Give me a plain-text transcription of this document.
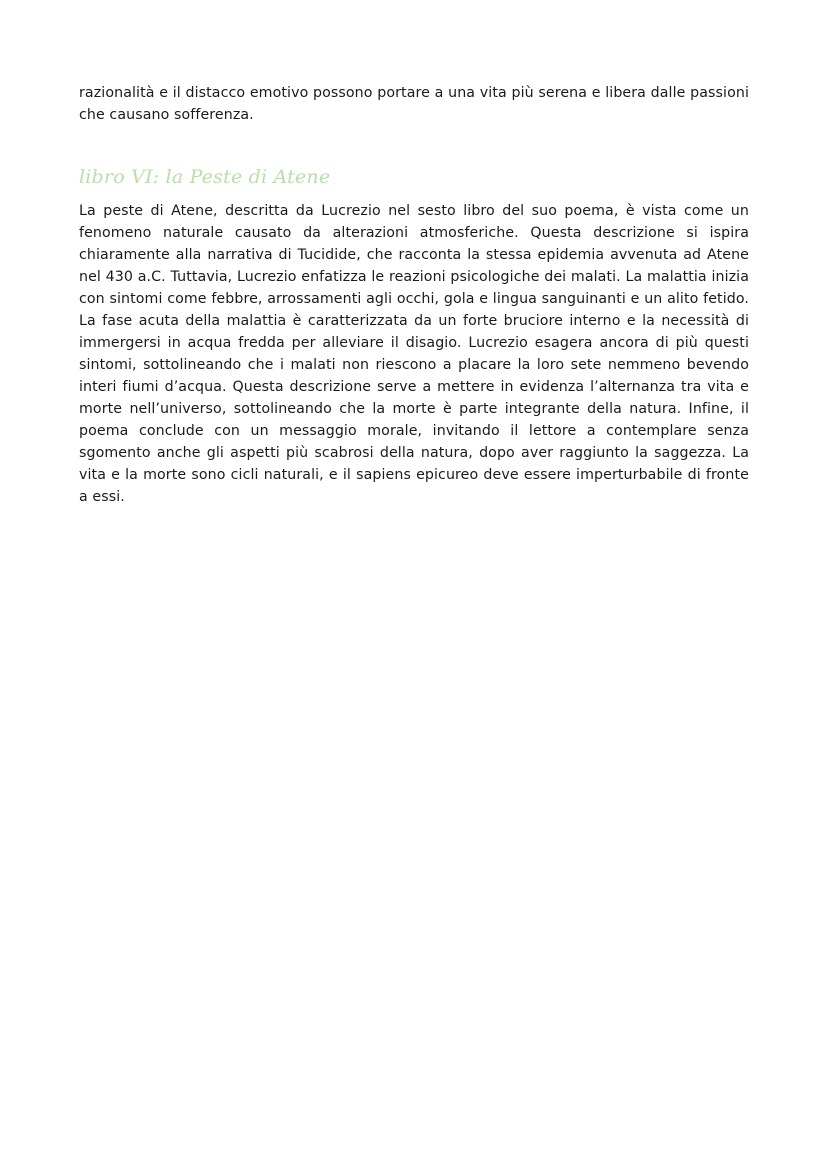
razionalità e il distacco emotivo possono portare a una vita più serena e libera dalle passioni che causano sofferenza.

libro VI: la Peste di Atene

La peste di Atene, descritta da Lucrezio nel sesto libro del suo poema, è vista come un fenomeno naturale causato da alterazioni atmosferiche. Questa descrizione si ispira chiaramente alla narrativa di Tucidide, che racconta la stessa epidemia avvenuta ad Atene nel 430 a.C. Tuttavia, Lucrezio enfatizza le reazioni psicologiche dei malati. La malattia inizia con sintomi come febbre, arrossamenti agli occhi, gola e lingua sanguinanti e un alito fetido. La fase acuta della malattia è caratterizzata da un forte bruciore interno e la necessità di immergersi in acqua fredda per alleviare il disagio. Lucrezio esagera ancora di più questi sintomi, sottolineando che i malati non riescono a placare la loro sete nemmeno bevendo interi fiumi d’acqua. Questa descrizione serve a mettere in evidenza l’alternanza tra vita e morte nell’universo, sottolineando che la morte è parte integrante della natura. Infine, il poema conclude con un messaggio morale, invitando il lettore a contemplare senza sgomento anche gli aspetti più scabrosi della natura, dopo aver raggiunto la saggezza. La vita e la morte sono cicli naturali, e il sapiens epicureo deve essere imperturbabile di fronte a essi.
